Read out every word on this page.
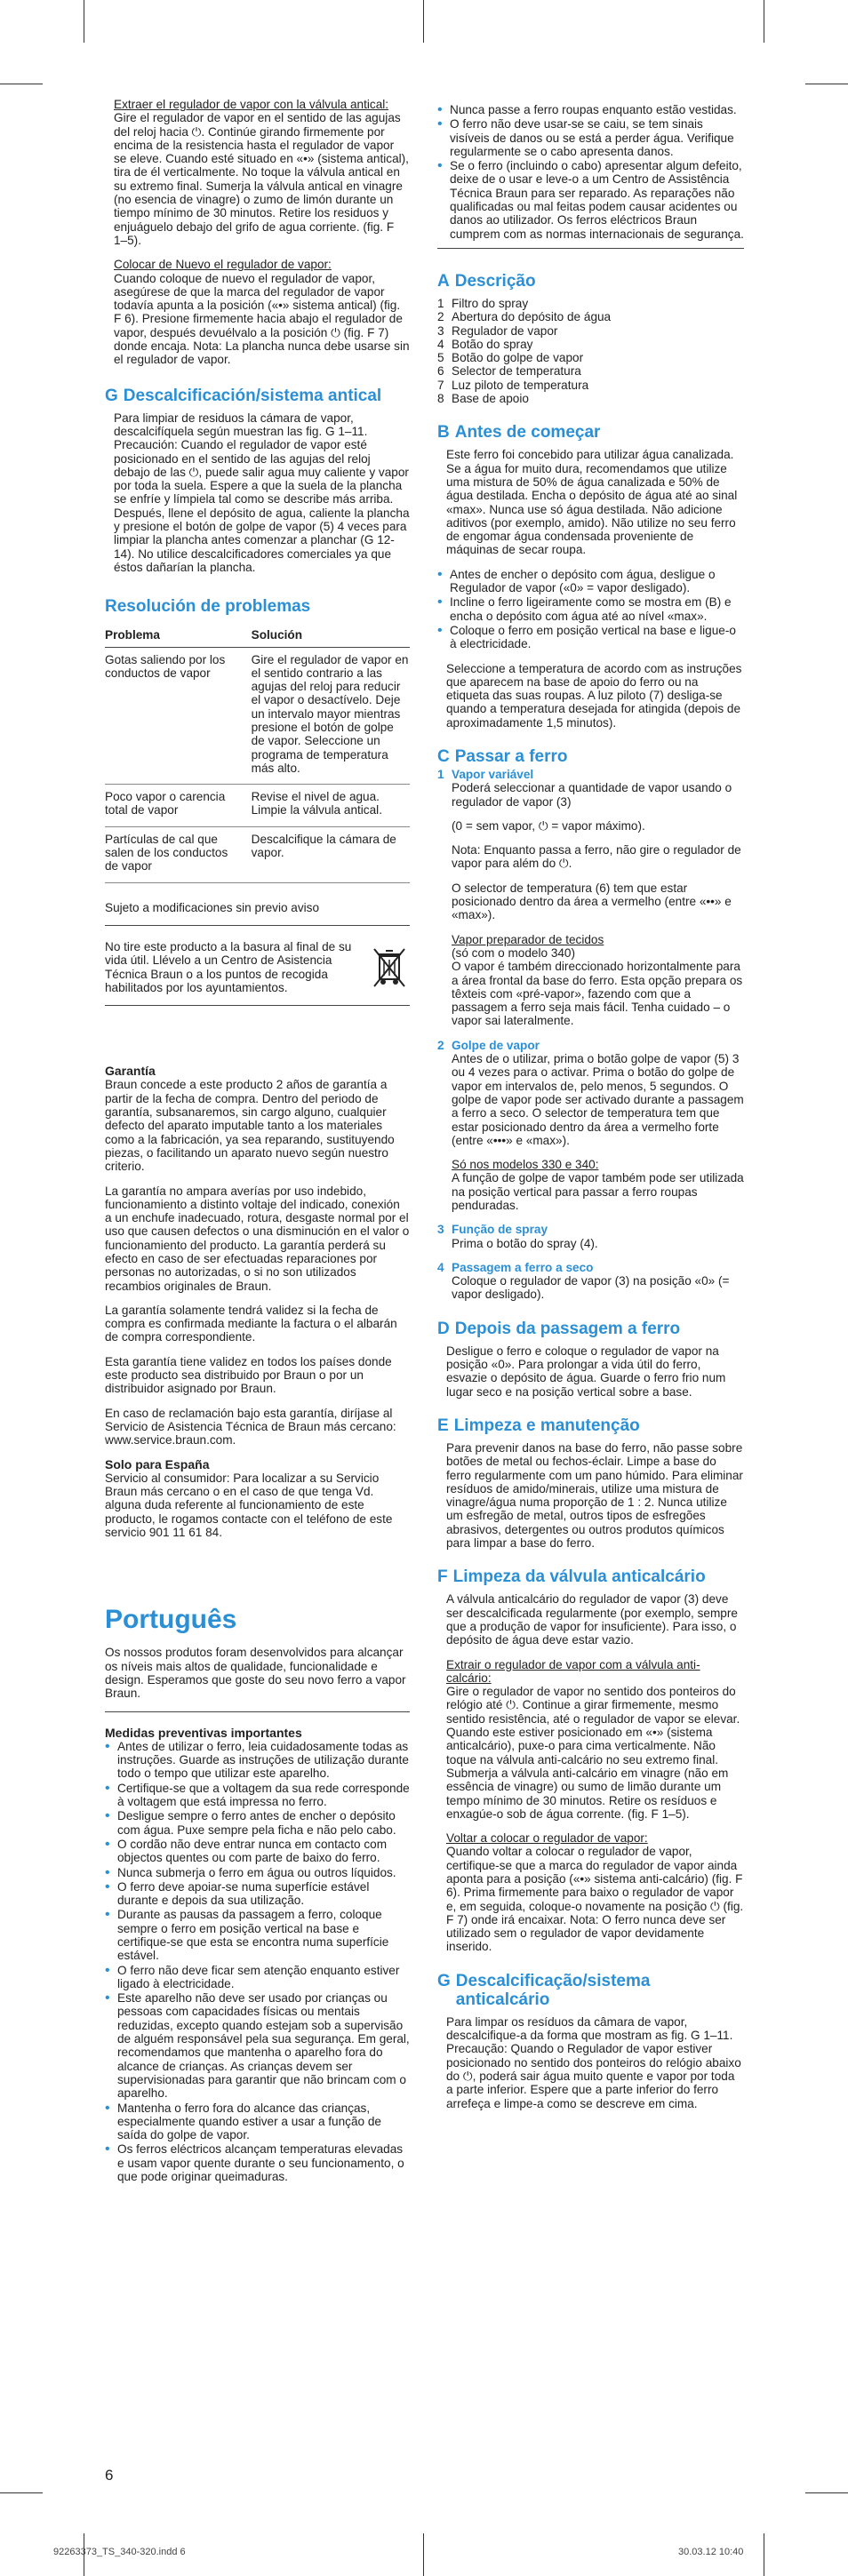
Extraer el regulador de vapor con la válvula antical:

Gire el regulador de vapor en el sentido de las agujas del reloj hacia ⏻. Continúe girando firmemente por encima de la resistencia hasta el regulador de vapor se eleve. Cuando esté situado en «•» (sistema antical), tira de él verticalmente. No toque la válvula antical en su extremo final. Sumerja la válvula antical en vinagre (no esencia de vinagre) o zumo de limón durante un tiempo mínimo de 30 minutos. Retire los residuos y enjuáguelo debajo del grifo de agua corriente. (fig. F 1–5).

Colocar de Nuevo el regulador de vapor:

Cuando coloque de nuevo el regulador de vapor, asegúrese de que la marca del regulador de vapor todavía apunta a la posición («•» sistema antical) (fig. F 6). Presione firmemente hacia abajo el regulador de vapor, después devuélvalo a la posición ⏻ (fig. F 7) donde encaja. Nota: La plancha nunca debe usarse sin el regulador de vapor.

G Descalcificación/sistema antical

Para limpiar de residuos la cámara de vapor, descalcifíquela según muestran las fig. G 1–11. Precaución: Cuando el regulador de vapor esté posicionado en el sentido de las agujas del reloj debajo de las ⏻, puede salir agua muy caliente y vapor por toda la suela. Espere a que la suela de la plancha se enfríe y límpiela tal como se describe más arriba. Después, llene el depósito de agua, caliente la plancha y presione el botón de golpe de vapor (5) 4 veces para limpiar la plancha antes comenzar a planchar (G 12-14). No utilice descalcificadores comerciales ya que éstos dañarían la plancha.

Resolución de problemas
Problema	Solución
Gotas saliendo por los conductos de vapor	Gire el regulador de vapor en el sentido contrario a las agujas del reloj para reducir el vapor o desactívelo. Deje un intervalo mayor mientras presione el botón de golpe de vapor. Seleccione un programa de temperatura más alto.
Poco vapor o carencia total de vapor	Revise el nivel de agua. Limpie la válvula antical.
Partículas de cal que salen de los conductos de vapor	Descalcifique la cámara de vapor.

Sujeto a modificaciones sin previo aviso

No tire este producto a la basura al final de su vida útil. Llévelo a un Centro de Asistencia Técnica Braun o a los puntos de recogida habilitados por los ayuntamientos.
Garantía

Braun concede a este producto 2 años de garantía a partir de la fecha de compra. Dentro del periodo de garantía, subsanaremos, sin cargo alguno, cualquier defecto del aparato imputable tanto a los materiales como a la fabricación, ya sea reparando, sustituyendo piezas, o facilitando un aparato nuevo según nuestro criterio.

La garantía no ampara averías por uso indebido, funcionamiento a distinto voltaje del indicado, conexión a un enchufe inadecuado, rotura, desgaste normal por el uso que causen defectos o una disminución en el valor o funcionamiento del producto. La garantía perderá su efecto en caso de ser efectuadas reparaciones por personas no autorizadas, o si no son utilizados recambios originales de Braun.

La garantía solamente tendrá validez si la fecha de compra es confirmada mediante la factura o el albarán de compra correspondiente.

Esta garantía tiene validez en todos los países donde este producto sea distribuido por Braun o por un distribuidor asignado por Braun.

En caso de reclamación bajo esta garantía, diríjase al Servicio de Asistencia Técnica de Braun más cercano: www.service.braun.com.

Solo para España

Servicio al consumidor: Para localizar a su Servicio Braun más cercano o en el caso de que tenga Vd. alguna duda referente al funcionamiento de este producto, le rogamos contacte con el teléfono de este servicio 901 11 61 84.

Português

Os nossos produtos foram desenvolvidos para alcançar os níveis mais altos de qualidade, funcionalidade e design. Esperamos que goste do seu novo ferro a vapor Braun.

Medidas preventivas importantes
• Antes de utilizar o ferro, leia cuidadosamente todas as instruções. Guarde as instruções de utilização durante todo o tempo que utilizar este aparelho.
• Certifique-se que a voltagem da sua rede corresponde à voltagem que está impressa no ferro.
• Desligue sempre o ferro antes de encher o depósito com água. Puxe sempre pela ficha e não pelo cabo.
• O cordão não deve entrar nunca em contacto com objectos quentes ou com parte de baixo do ferro.
• Nunca submerja o ferro em água ou outros líquidos.
• O ferro deve apoiar-se numa superfície estável durante e depois da sua utilização.
• Durante as pausas da passagem a ferro, coloque sempre o ferro em posição vertical na base e certifique-se que esta se encontra numa superfície estável.
• O ferro não deve ficar sem atenção enquanto estiver ligado à electricidade.
• Este aparelho não deve ser usado por crianças ou pessoas com capacidades físicas ou mentais reduzidas, excepto quando estejam sob a supervisão de alguém responsável pela sua segurança. Em geral, recomendamos que mantenha o aparelho fora do alcance de crianças. As crianças devem ser supervisionadas para garantir que não brincam com o aparelho.
• Mantenha o ferro fora do alcance das crianças, especialmente quando estiver a usar a função de saída do golpe de vapor.
• Os ferros eléctricos alcançam temperaturas elevadas e usam vapor quente durante o seu funcionamento, o que pode originar queimaduras.
• Nunca passe a ferro roupas enquanto estão vestidas.
• O ferro não deve usar-se se caiu, se tem sinais visíveis de danos ou se está a perder água. Verifique regularmente se o cabo apresenta danos.
• Se o ferro (incluindo o cabo) apresentar algum defeito, deixe de o usar e leve-o a um Centro de Assistência Técnica Braun para ser reparado. As reparações não qualificadas ou mal feitas podem causar acidentes ou danos ao utilizador. Os ferros eléctricos Braun cumprem com as normas internacionais de segurança.
A Descrição
1 Filtro do spray
2 Abertura do depósito de água
3 Regulador de vapor
4 Botão do spray
5 Botão do golpe de vapor
6 Selector de temperatura
7 Luz piloto de temperatura
8 Base de apoio
B Antes de começar

Este ferro foi concebido para utilizar água canalizada. Se a água for muito dura, recomendamos que utilize uma mistura de 50% de água canalizada e 50% de água destilada. Encha o depósito de água até ao sinal «max». Nunca use só água destilada. Não adicione aditivos (por exemplo, amido). Não utilize no seu ferro de engomar água condensada proveniente de máquinas de secar roupa.

• Antes de encher o depósito com água, desligue o Regulador de vapor («0» = vapor desligado).
• Incline o ferro ligeiramente como se mostra em (B) e encha o depósito com água até ao nível «max».
• Coloque o ferro em posição vertical na base e ligue-o à electricidade.

Seleccione a temperatura de acordo com as instruções que aparecem na base de apoio do ferro ou na etiqueta das suas roupas. A luz piloto (7) desliga-se quando a temperatura desejada for atingida (depois de aproximadamente 1,5 minutos).

C Passar a ferro
1 Vapor variável

Poderá seleccionar a quantidade de vapor usando o regulador de vapor (3)

(0 = sem vapor, ⏻ = vapor máximo).

Nota: Enquanto passa a ferro, não gire o regulador de vapor para além do ⏻.

O selector de temperatura (6) tem que estar posicionado dentro da área a vermelho (entre «••» e «max»).

Vapor preparador de tecidos
(só com o modelo 340)

O vapor é também direccionado horizontalmente para a área frontal da base do ferro. Esta opção prepara os têxteis com «pré-vapor», fazendo com que a passagem a ferro seja mais fácil. Tenha cuidado – o vapor sai lateralmente.

2 Golpe de vapor

Antes de o utilizar, prima o botão golpe de vapor (5) 3 ou 4 vezes para o activar. Prima o botão do golpe de vapor em intervalos de, pelo menos, 5 segundos. O golpe de vapor pode ser activado durante a passagem a ferro a seco. O selector de temperatura tem que estar posicionado dentro da área a vermelho forte (entre «•••» e «max»).

Só nos modelos 330 e 340:

A função de golpe de vapor também pode ser utilizada na posição vertical para passar a ferro roupas penduradas.

3 Função de spray

Prima o botão do spray (4).

4 Passagem a ferro a seco

Coloque o regulador de vapor (3) na posição «0» (= vapor desligado).

D Depois da passagem a ferro

Desligue o ferro e coloque o regulador de vapor na posição «0». Para prolongar a vida útil do ferro, esvazie o depósito de água. Guarde o ferro frio num lugar seco e na posição vertical sobre a base.

E Limpeza e manutenção

Para prevenir danos na base do ferro, não passe sobre botões de metal ou fechos-éclair. Limpe a base do ferro regularmente com um pano húmido. Para eliminar resíduos de amido/minerais, utilize uma mistura de vinagre/água numa proporção de 1 : 2. Nunca utilize um esfregão de metal, outros tipos de esfregões abrasivos, detergentes ou outros produtos químicos para limpar a base do ferro.

F Limpeza da válvula anticalcário

A válvula anticalcário do regulador de vapor (3) deve ser descalcificada regularmente (por exemplo, sempre que a produção de vapor for insuficiente). Para isso, o depósito de água deve estar vazio.

Extrair o regulador de vapor com a válvula anti-calcário:

Gire o regulador de vapor no sentido dos ponteiros do relógio até ⏻. Continue a girar firmemente, mesmo sentido resistência, até o regulador de vapor se elevar. Quando este estiver posicionado em «•» (sistema anticalcário), puxe-o para cima verticalmente. Não toque na válvula anti-calcário no seu extremo final. Submerja a válvula anti-calcário em vinagre (não em essência de vinagre) ou sumo de limão durante um tempo mínimo de 30 minutos. Retire os resíduos e enxagúe-o sob de água corrente. (fig. F 1–5).

Voltar a colocar o regulador de vapor:

Quando voltar a colocar o regulador de vapor, certifique-se que a marca do regulador de vapor ainda aponta para a posição («•» sistema anti-calcário) (fig. F 6). Prima firmemente para baixo o regulador de vapor e, em seguida, coloque-o novamente na posição ⏻ (fig. F 7) onde irá encaixar. Nota: O ferro nunca deve ser utilizado sem o regulador de vapor devidamente inserido.

G Descalcificação/sistema anticalcário

Para limpar os resíduos da câmara de vapor, descalcifique-a da forma que mostram as fig. G 1–11. Precaução: Quando o Regulador de vapor estiver posicionado no sentido dos ponteiros do relógio abaixo do ⏻, poderá sair água muito quente e vapor por toda a parte inferior. Espere que a parte inferior do ferro arrefeça e limpe-a como se descreve em cima.

6
92263373_TS_340-320.indd 6	30.03.12 10:40
